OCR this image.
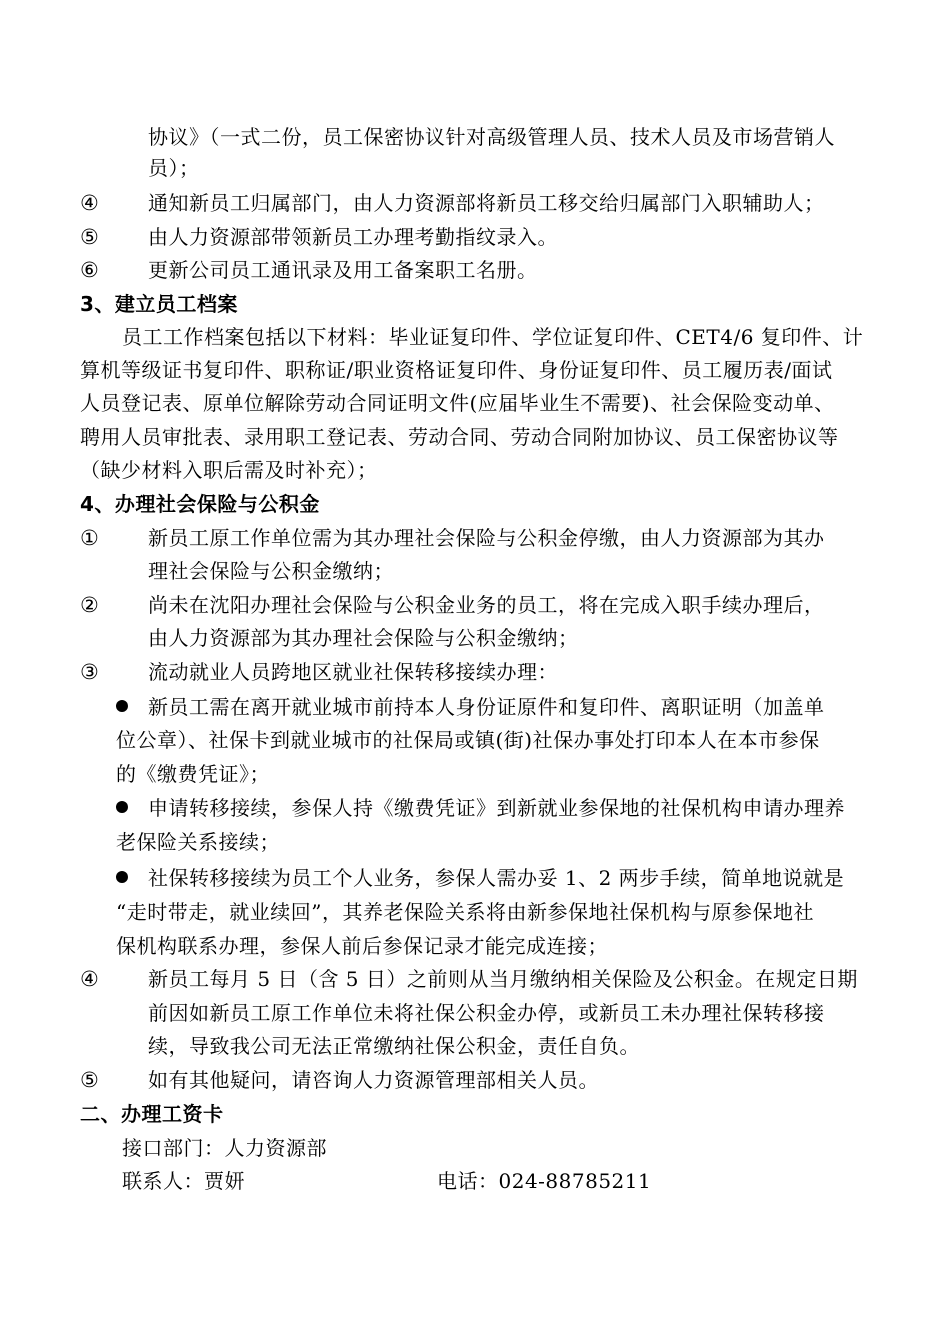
协议》（一式二份，员工保密协议针对高级管理人员、技术人员及市场营销人
员）；
④ 通知新员工归属部门，由人力资源部将新员工移交给归属部门入职辅助人；
⑤ 由人力资源部带领新员工办理考勤指纹录入。
⑥ 更新公司员工通讯录及用工备案职工名册。
3、建立员工档案
员工工作档案包括以下材料：毕业证复印件、学位证复印件、CET4/6 复印件、计
算机等级证书复印件、职称证/职业资格证复印件、身份证复印件、员工履历表/面试
人员登记表、原单位解除劳动合同证明文件(应届毕业生不需要)、社会保险变动单、
聘用人员审批表、录用职工登记表、劳动合同、劳动合同附加协议、员工保密协议等
（缺少材料入职后需及时补充）；
4、办理社会保险与公积金
① 新员工原工作单位需为其办理社会保险与公积金停缴，由人力资源部为其办
理社会保险与公积金缴纳；
② 尚未在沈阳办理社会保险与公积金业务的员工，将在完成入职手续办理后，
由人力资源部为其办理社会保险与公积金缴纳；
③ 流动就业人员跨地区就业社保转移接续办理：
新员工需在离开就业城市前持本人身份证原件和复印件、离职证明（加盖单
位公章）、社保卡到就业城市的社保局或镇(街)社保办事处打印本人在本市参保
的《缴费凭证》；
申请转移接续，参保人持《缴费凭证》到新就业参保地的社保机构申请办理养
老保险关系接续；
社保转移接续为员工个人业务，参保人需办妥 1、2 两步手续，简单地说就是
“走时带走，就业续回”，其养老保险关系将由新参保地社保机构与原参保地社
保机构联系办理，参保人前后参保记录才能完成连接；
④ 新员工每月 5 日（含 5 日）之前则从当月缴纳相关保险及公积金。在规定日期
前因如新员工原工作单位未将社保公积金办停，或新员工未办理社保转移接
续，导致我公司无法正常缴纳社保公积金，责任自负。
⑤ 如有其他疑问，请咨询人力资源管理部相关人员。
二、办理工资卡
接口部门：人力资源部
联系人：贾妍	电话：024-88785211
